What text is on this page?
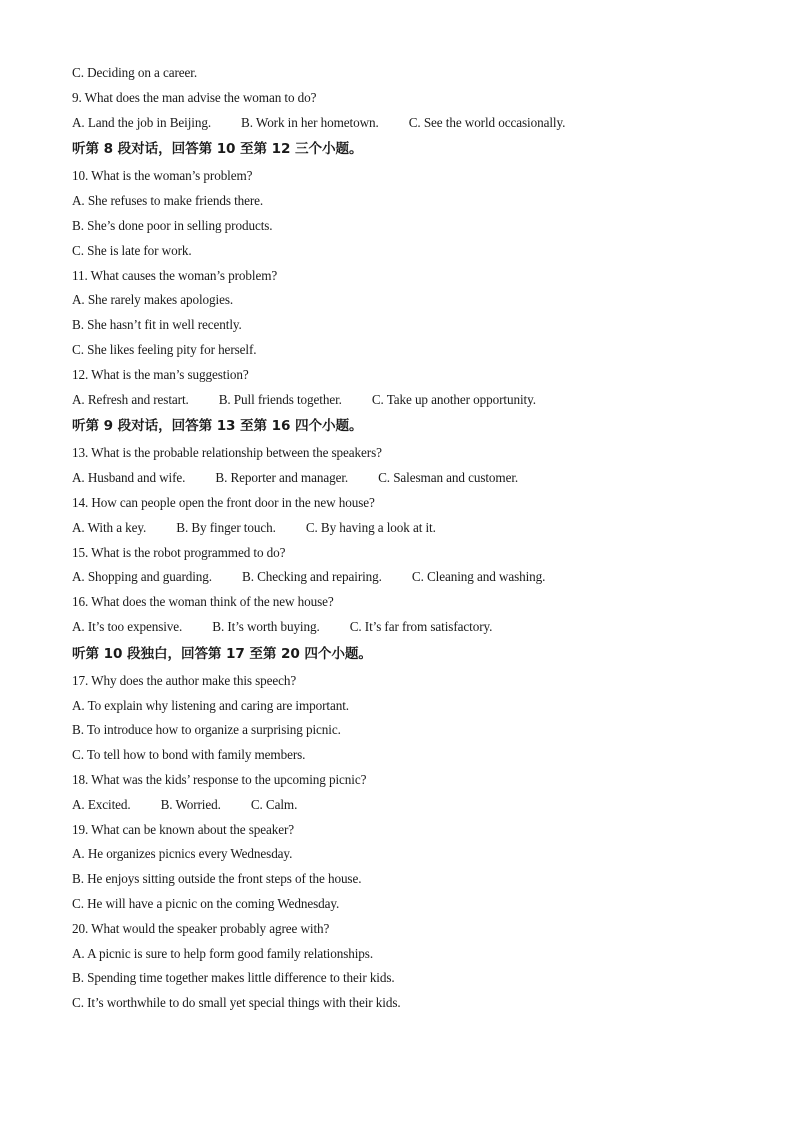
C. Deciding on a career.
9. What does the man advise the woman to do?
A. Land the job in Beijing. B. Work in her hometown. C. See the world occasionally.
听第 8 段对话，回答第 10 至第 12 三个小题。
10. What is the woman’s problem?
A. She refuses to make friends there.
B. She’s done poor in selling products.
C. She is late for work.
11. What causes the woman’s problem?
A. She rarely makes apologies.
B. She hasn’t fit in well recently.
C. She likes feeling pity for herself.
12. What is the man’s suggestion?
A. Refresh and restart. B. Pull friends together. C. Take up another opportunity.
听第 9 段对话，回答第 13 至第 16 四个小题。
13. What is the probable relationship between the speakers?
A. Husband and wife. B. Reporter and manager. C. Salesman and customer.
14. How can people open the front door in the new house?
A. With a key. B. By finger touch. C. By having a look at it.
15. What is the robot programmed to do?
A. Shopping and guarding. B. Checking and repairing. C. Cleaning and washing.
16. What does the woman think of the new house?
A. It’s too expensive. B. It’s worth buying. C. It’s far from satisfactory.
听第 10 段独白，回答第 17 至第 20 四个小题。
17. Why does the author make this speech?
A. To explain why listening and caring are important.
B. To introduce how to organize a surprising picnic.
C. To tell how to bond with family members.
18. What was the kids’ response to the upcoming picnic?
A. Excited. B. Worried. C. Calm.
19. What can be known about the speaker?
A. He organizes picnics every Wednesday.
B. He enjoys sitting outside the front steps of the house.
C. He will have a picnic on the coming Wednesday.
20. What would the speaker probably agree with?
A. A picnic is sure to help form good family relationships.
B. Spending time together makes little difference to their kids.
C. It’s worthwhile to do small yet special things with their kids.
